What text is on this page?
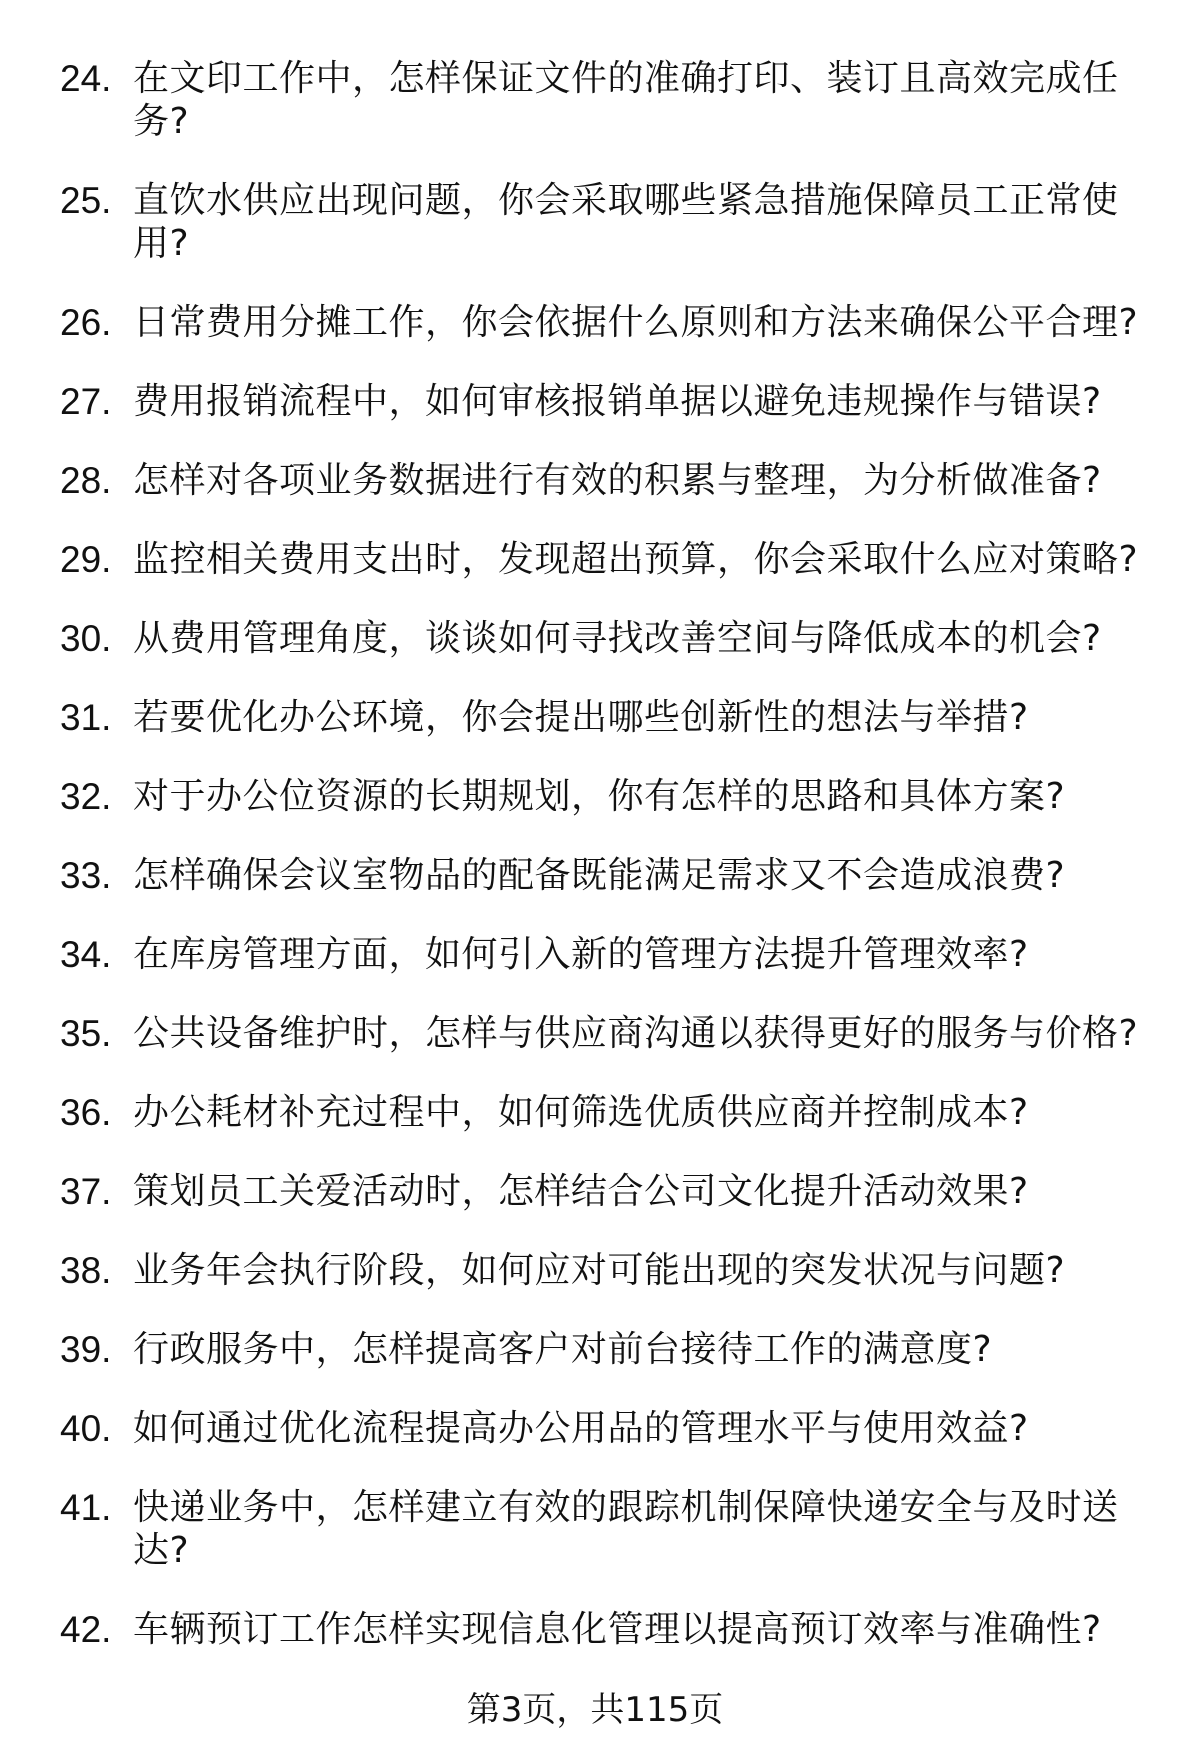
24. 在文印工作中，怎样保证文件的准确打印、装订且高效完成任务?
25. 直饮水供应出现问题，你会采取哪些紧急措施保障员工正常使用?
26. 日常费用分摊工作，你会依据什么原则和方法来确保公平合理?
27. 费用报销流程中，如何审核报销单据以避免违规操作与错误?
28. 怎样对各项业务数据进行有效的积累与整理，为分析做准备?
29. 监控相关费用支出时，发现超出预算，你会采取什么应对策略?
30. 从费用管理角度，谈谈如何寻找改善空间与降低成本的机会?
31. 若要优化办公环境，你会提出哪些创新性的想法与举措?
32. 对于办公位资源的长期规划，你有怎样的思路和具体方案?
33. 怎样确保会议室物品的配备既能满足需求又不会造成浪费?
34. 在库房管理方面，如何引入新的管理方法提升管理效率?
35. 公共设备维护时，怎样与供应商沟通以获得更好的服务与价格?
36. 办公耗材补充过程中，如何筛选优质供应商并控制成本?
37. 策划员工关爱活动时，怎样结合公司文化提升活动效果?
38. 业务年会执行阶段，如何应对可能出现的突发状况与问题?
39. 行政服务中，怎样提高客户对前台接待工作的满意度?
40. 如何通过优化流程提高办公用品的管理水平与使用效益?
41. 快递业务中，怎样建立有效的跟踪机制保障快递安全与及时送达?
42. 车辆预订工作怎样实现信息化管理以提高预订效率与准确性?
第3页，共115页
